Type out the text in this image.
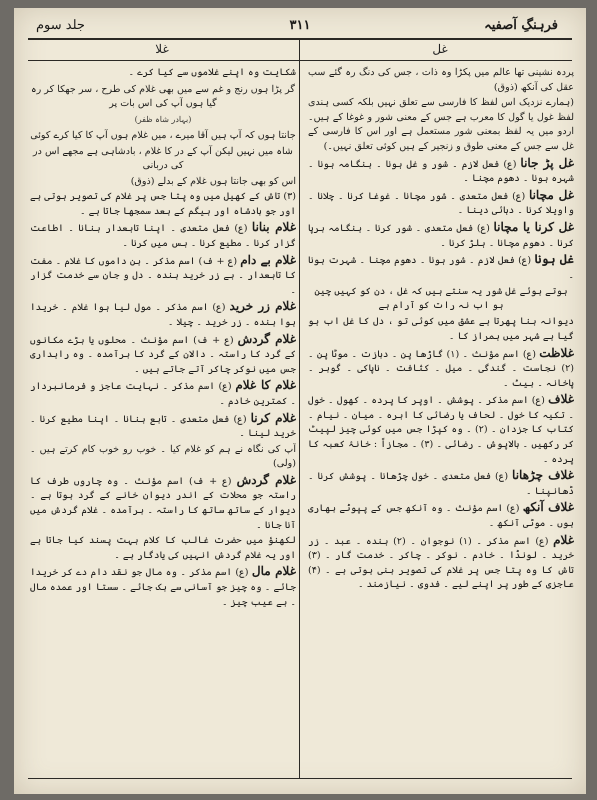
فرہنگِ آصفیہ
۳۱۱
جلد سوم
غل
غلا

پردہ نشینی تھا عالم میں پکڑا وہ ذات ، جس کی دنگ رہ گئے سب عقل کی آنکھ (ذوق)

(ہمارے نزدیک اس لفظ کا فارسی سے تعلق نہیں بلکہ کسی ہندی لفظ غول یا گول کا معرب ہے جس کے معنی شور و غوغا کے ہیں۔ اردو میں یہ لفظ بمعنی شور مستعمل ہے اور اس کا فارسی کے غل سے جس کے معنی طوق و زنجیر کے ہیں کوئی تعلق نہیں۔)

غل پڑ جانا (ع) فعل لازم ۔ شور و غل ہونا ۔ ہنگامہ ہونا ۔ شہرہ ہونا ۔ دھوم مچنا ۔

غل مچانا (ع) فعل متعدی ۔ شور مچانا ۔ غوغا کرنا ۔ چلانا ۔ واویلا کرنا ۔ دہائی دینا ۔

غل کرنا یا مچانا (ع) فعل متعدی ۔ شور کرنا ۔ ہنگامہ برپا کرنا ۔ دھوم مچانا ۔ ہلڑ کرنا ۔

غل ہونا (ع) فعل لازم ۔ شور ہونا ۔ دھوم مچنا ۔ شہرت ہونا ۔

ہوتے ہوئے غل شور یہ سنتے ہیں کہ غل ، دن کو کہیں چین ہو اب نہ رات کو آرام ہے

دیوانہ بنا پھرتا ہے عشق میں کوئی تو ، دل کا غل اب ہو گیا ہے شہر میں ہمراز کا ۔

غلاظت (ع) اسم مؤنث ۔ (۱) گاڑھا پن ۔ دبازت ۔ موٹا پن ۔ (۲) نجاست ۔ گندگی ۔ میل ۔ کثافت ۔ ناپاکی ۔ گوبر ۔ پاخانہ ۔ بیٹ ۔

غلاف (ع) اسم مذکر ۔ پوشش ۔ اوپر کا پردہ ۔ کھول ۔ خول ۔ تکیہ کا خول ۔ لحاف یا رضائی کا ابرہ ۔ میان ۔ نیام ۔ کتاب کا جزدان ۔ (۲) ۔ وہ کپڑا جس میں کوئی چیز لپیٹ کر رکھیں ۔ بالاپوش ۔ رضائی ۔ (۳) ۔ مجازاً : خانۂ کعبہ کا پردہ ۔

غلاف چڑھانا (ع) فعل متعدی ۔ خول چڑھانا ۔ پوشش کرنا ۔ ڈھانپنا ۔

غلاف آنکھ (ع) اسم مؤنث ۔ وہ آنکھ جس کے پپوٹے بھاری ہوں ۔ موٹی آنکھ ۔

غلام (ع) اسم مذکر ۔ (۱) نوجوان ۔ (۲) بندہ ۔ عبد ۔ زر خرید ۔ لونڈا ۔ خادم ۔ نوکر ۔ چاکر ۔ خدمت گار ۔ (۳) تاش کا وہ پتا جس پر غلام کی تصویر بنی ہوتی ہے ۔ (۴) عاجزی کے طور پر اپنے لیے ۔ فدوی ۔ نیازمند ۔

شکایت وہ اپنے غلاموں سے کیا کرے ۔

گر پڑا ہوں رنج و غم سے میں بھی غلام کی طرح ، سر جھکا کر رہ گیا ہوں آپ کی اس بات پر
(بہادر شاہ ظفر)
جانتا ہوں کہ آپ ہیں آقا میرے ، میں غلام ہوں آپ کا کیا کرے کوئی
شاہ میں نہیں لیکن آپ کے در کا غلام ، بادشاہی ہے مجھے اس در کی دربانی

اس کو بھی جانتا ہوں غلام کے بدلے (ذوق)

(۳) تاش کے کھیل میں وہ پتا جس پر غلام کی تصویر ہوتی ہے اور جو بادشاہ اور بیگم کے بعد سمجھا جاتا ہے ۔

غلام بنانا (ع) فعل متعدی ۔ اپنا تابعدار بنانا ۔ اطاعت گزار کرنا ۔ مطیع کرنا ۔ بس میں کرنا ۔

غلام بے دام (ع + ف) اسم مذکر ۔ بن داموں کا غلام ۔ مفت کا تابعدار ۔ بے زر خرید بندہ ۔ دل و جان سے خدمت گزار ۔

غلام زر خرید (ع) اسم مذکر ۔ مول لیا ہوا غلام ۔ خریدا ہوا بندہ ۔ زر خرید ۔ چیلا ۔

غلام گردش (ع + ف) اسم مؤنث ۔ محلوں یا بڑے مکانوں کے گرد کا راستہ ۔ دالان کے گرد کا برآمدہ ۔ وہ راہداری جس میں نوکر چاکر آتے جاتے ہیں ۔

غلام کا غلام (ع) اسم مذکر ۔ نہایت عاجز و فرمانبردار ۔ کمترین خادم ۔

غلام کرنا (ع) فعل متعدی ۔ تابع بنانا ۔ اپنا مطیع کرنا ۔ خرید لینا ۔

آپ کی نگاہ نے ہم کو غلام کیا ۔ خوب رو خوب کام کرتے ہیں ۔ (ولی)

غلام گردش (ع + ف) اسم مؤنث ۔ وہ چاروں طرف کا راستہ جو محلات کے اندر دیوان خانے کے گرد ہوتا ہے ۔ دیوار کے ساتھ ساتھ کا راستہ ۔ برآمدہ ۔ غلام گردش میں آنا جانا ۔

لکھنؤ میں حضرت غالب کا کلام بہت پسند کیا جاتا ہے اور یہ غلام گردش انہیں کی یادگار ہے ۔

غلام مال (ع) اسم مذکر ۔ وہ مال جو نقد دام دے کر خریدا جائے ۔ وہ چیز جو آسانی سے بک جائے ۔ سستا اور عمدہ مال ۔ بے عیب چیز ۔
